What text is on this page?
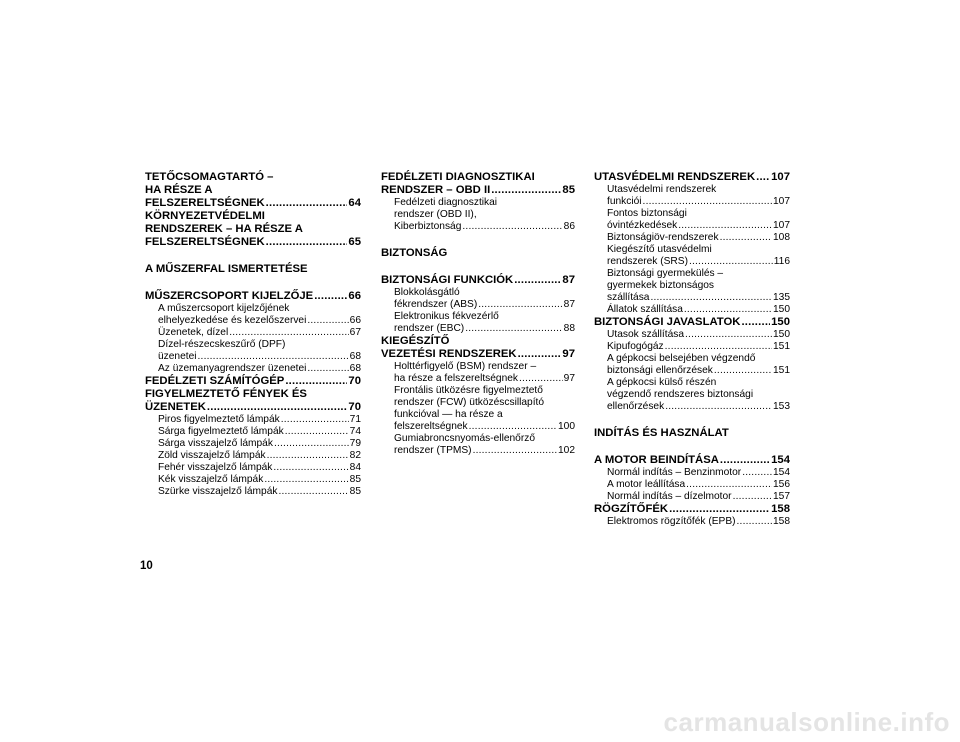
TETŐCSOMAGTARTÓ –
HA RÉSZE A
FELSZERELTSÉGNEK .....	64
KÖRNYEZETVÉDELMI
RENDSZEREK – HA RÉSZE A
FELSZERELTSÉGNEK .....	65
A MŰSZERFAL ISMERTETÉSE
MŰSZERCSOPORT KIJELZŐJE .....	66
A műszercsoport kijelzőjének
elhelyezkedése és kezelőszervei .....	66
Üzenetek, dízel .....	67
Dízel-részecskeszűrő (DPF)
üzenetei .....	68
Az üzemanyagrendszer üzenetei .....	68
FEDÉLZETI SZÁMÍTÓGÉP .....	70
FIGYELMEZTETŐ FÉNYEK ÉS
ÜZENETEK .....	70
Piros figyelmeztető lámpák .....	71
Sárga figyelmeztető lámpák .....	74
Sárga visszajelző lámpák .....	79
Zöld visszajelző lámpák .....	82
Fehér visszajelző lámpák .....	84
Kék visszajelző lámpák .....	85
Szürke visszajelző lámpák .....	85
FEDÉLZETI DIAGNOSZTIKAI
RENDSZER – OBD II .....	85
Fedélzeti diagnosztikai
rendszer (OBD II),
Kiberbiztonság .....	86
BIZTONSÁG
BIZTONSÁGI FUNKCIÓK .....	87
Blokkolásgátló
fékrendszer (ABS) .....	87
Elektronikus fékvezérlő
rendszer (EBC) .....	88
KIEGÉSZÍTŐ
VEZETÉSI RENDSZEREK .....	97
Holttérfigyelő (BSM) rendszer –
ha része a felszereltségnek .....	97
Frontális ütközésre figyelmeztető
rendszer (FCW) ütközéscsillapító
funkcióval — ha része a
felszereltségnek .....	100
Gumiabroncsnyomás-ellenőrző
rendszer (TPMS) .....	102
UTASVÉDELMI RENDSZEREK ..... 107
Utasvédelmi rendszerek
funkciói .....	107
Fontos biztonsági
óvintézkedések .....	107
Biztonságiöv-rendszerek .....	108
Kiegészítő utasvédelmi
rendszerek (SRS) .....	116
Biztonsági gyermekülés –
gyermekek biztonságos
szállítása .....	135
Állatok szállítása .....	150
BIZTONSÁGI JAVASLATOK .....	150
Utasok szállítása .....	150
Kipufogógáz .....	151
A gépkocsi belsejében végzendő
biztonsági ellenőrzések .....	151
A gépkocsi külső részén
végzendő rendszeres biztonsági
ellenőrzések .....	153
INDÍTÁS ÉS HASZNÁLAT
A MOTOR BEINDÍTÁSA .....	154
Normál indítás – Benzinmotor .....	154
A motor leállítása .....	156
Normál indítás – dízelmotor .....	157
RÖGZÍTŐFÉK .....	158
Elektromos rögzítőfék (EPB) .....	158
10
carmanualsonline.info
